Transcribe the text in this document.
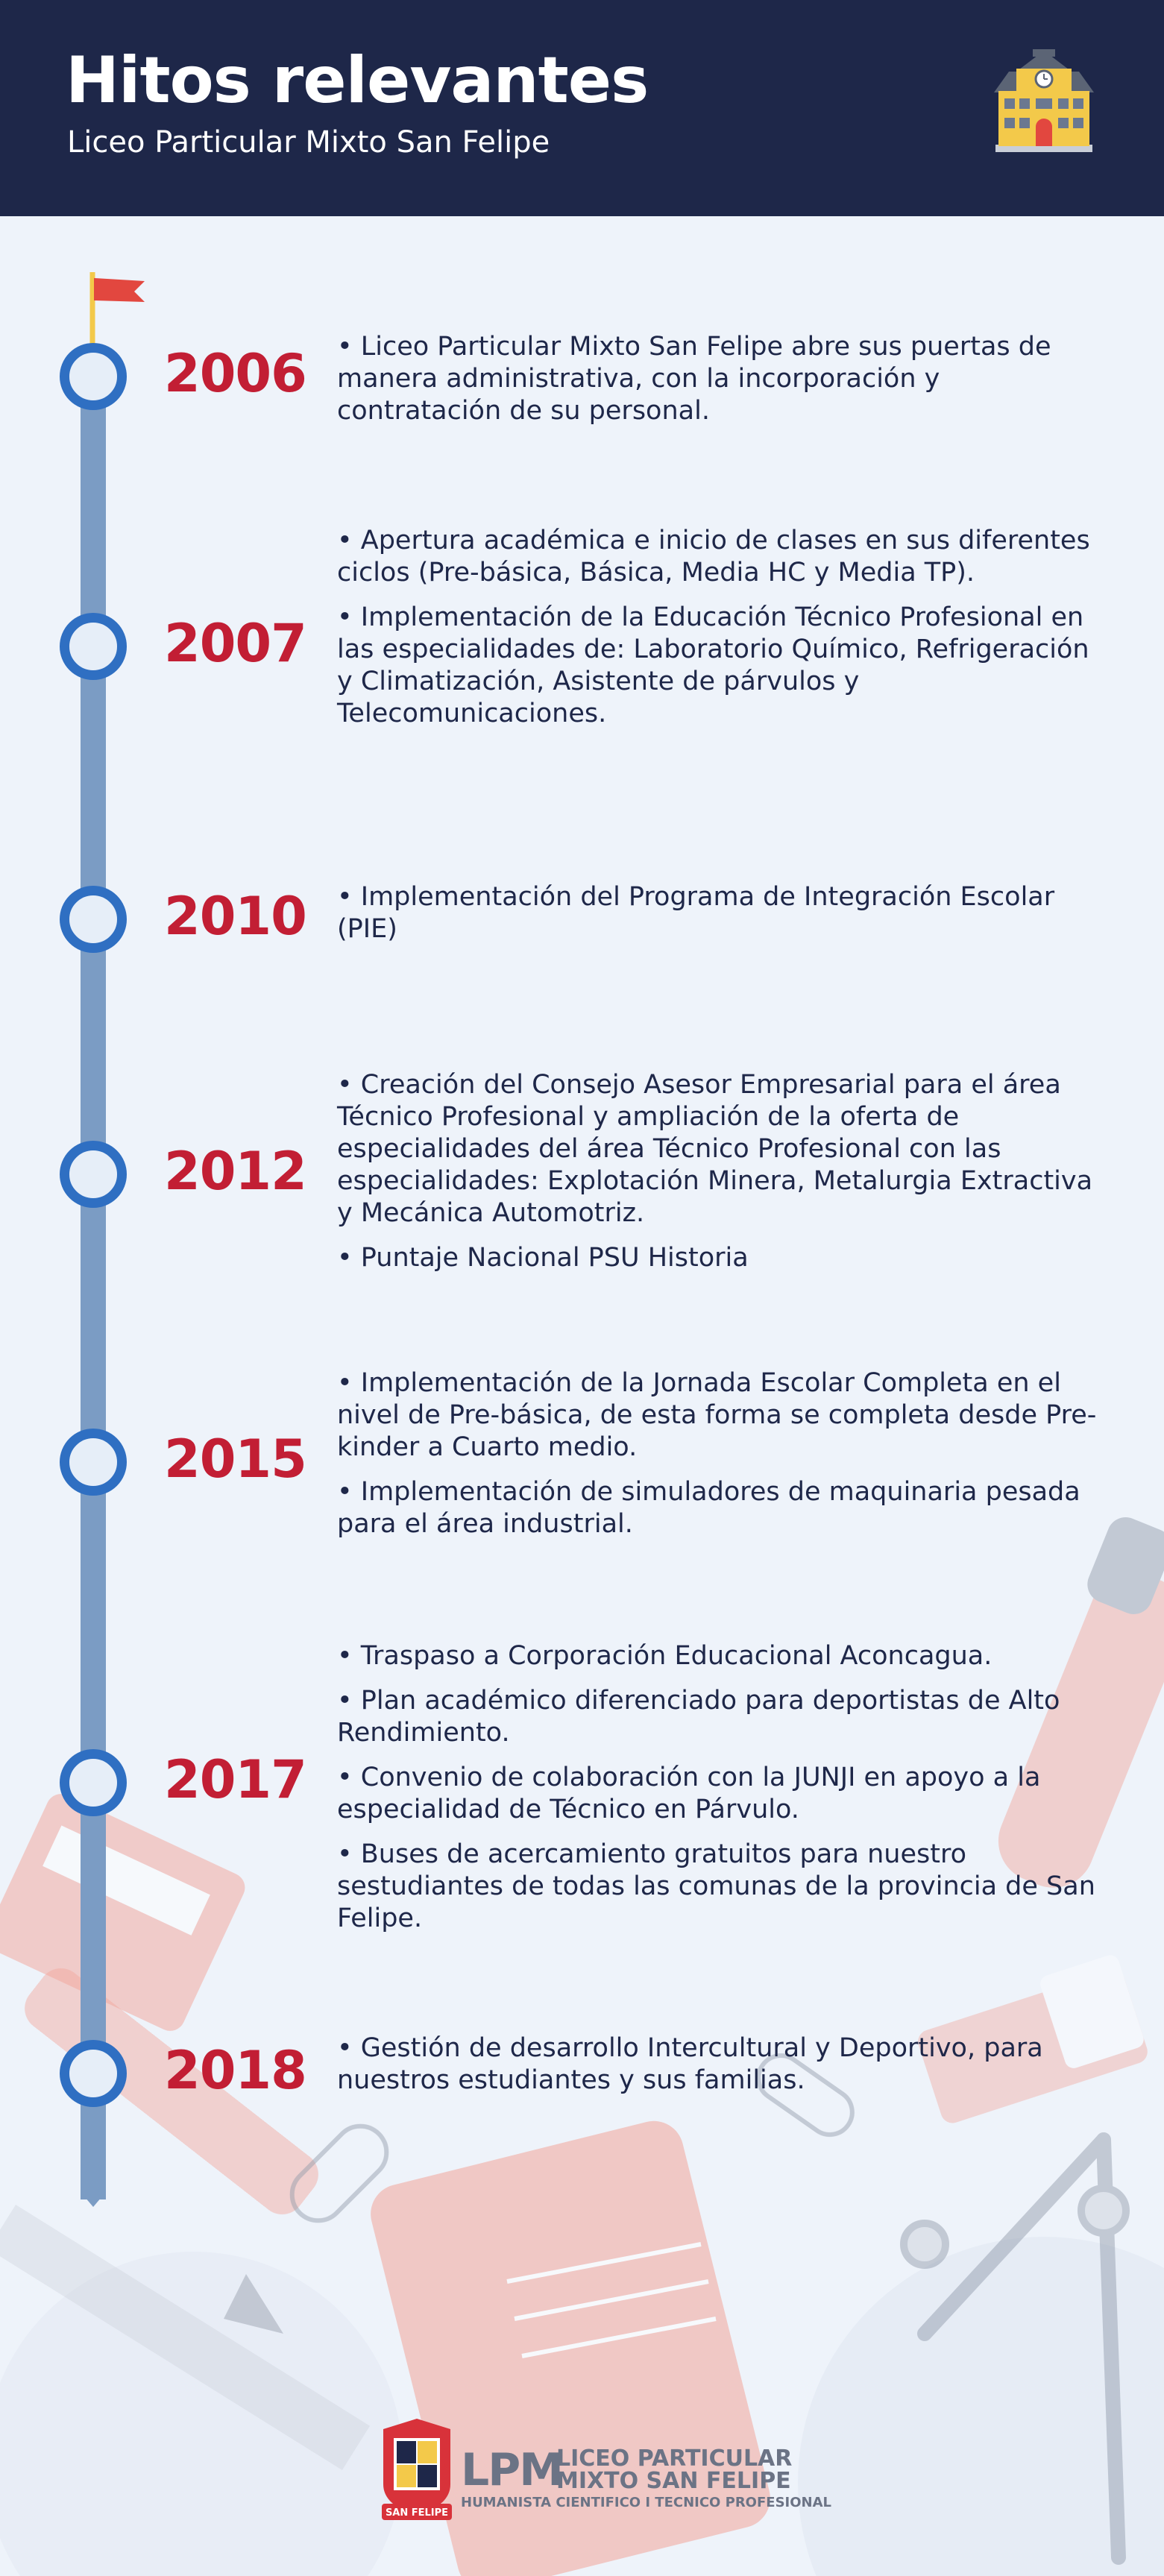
Hitos relevantes
Liceo Particular Mixto San Felipe
2006 • Liceo Particular Mixto San Felipe abre sus puertas de manera administrativa, con la incorporación y contratación de su personal.

2007

• Apertura académica e inicio de clases en sus diferentes ciclos (Pre-básica, Básica, Media HC y Media TP).

• Implementación de la Educación Técnico Profesional en las especialidades de: Laboratorio Químico, Refrigeración y Climatización, Asistente de párvulos y Telecomunicaciones.

2010 • Implementación del Programa de Integración Escolar (PIE)

2012

• Creación del Consejo Asesor Empresarial para el área Técnico Profesional y ampliación de la oferta de especialidades del área Técnico Profesional con las especialidades: Explotación Minera, Metalurgia Extractiva y Mecánica Automotriz.

• Puntaje Nacional PSU Historia

2015

• Implementación de la Jornada Escolar Completa en el nivel de Pre-básica, de esta forma se completa desde Pre-kinder a Cuarto medio.

• Implementación de simuladores de maquinaria pesada para el área industrial.

2017

• Traspaso a Corporación Educacional Aconcagua.

• Plan académico diferenciado para deportistas de Alto Rendimiento.

• Convenio de colaboración con la JUNJI en apoyo a la especialidad de Técnico en Párvulo.

• Buses de acercamiento gratuitos para nuestro sestudiantes de todas las comunas de la provincia de San Felipe.

2018 • Gestión de desarrollo Intercultural y Deportivo, para nuestros estudiantes y sus familias.

SAN FELIPE
LPM
LICEO PARTICULAR
MIXTO SAN FELIPE
HUMANISTA CIENTIFICO I TECNICO PROFESIONAL
